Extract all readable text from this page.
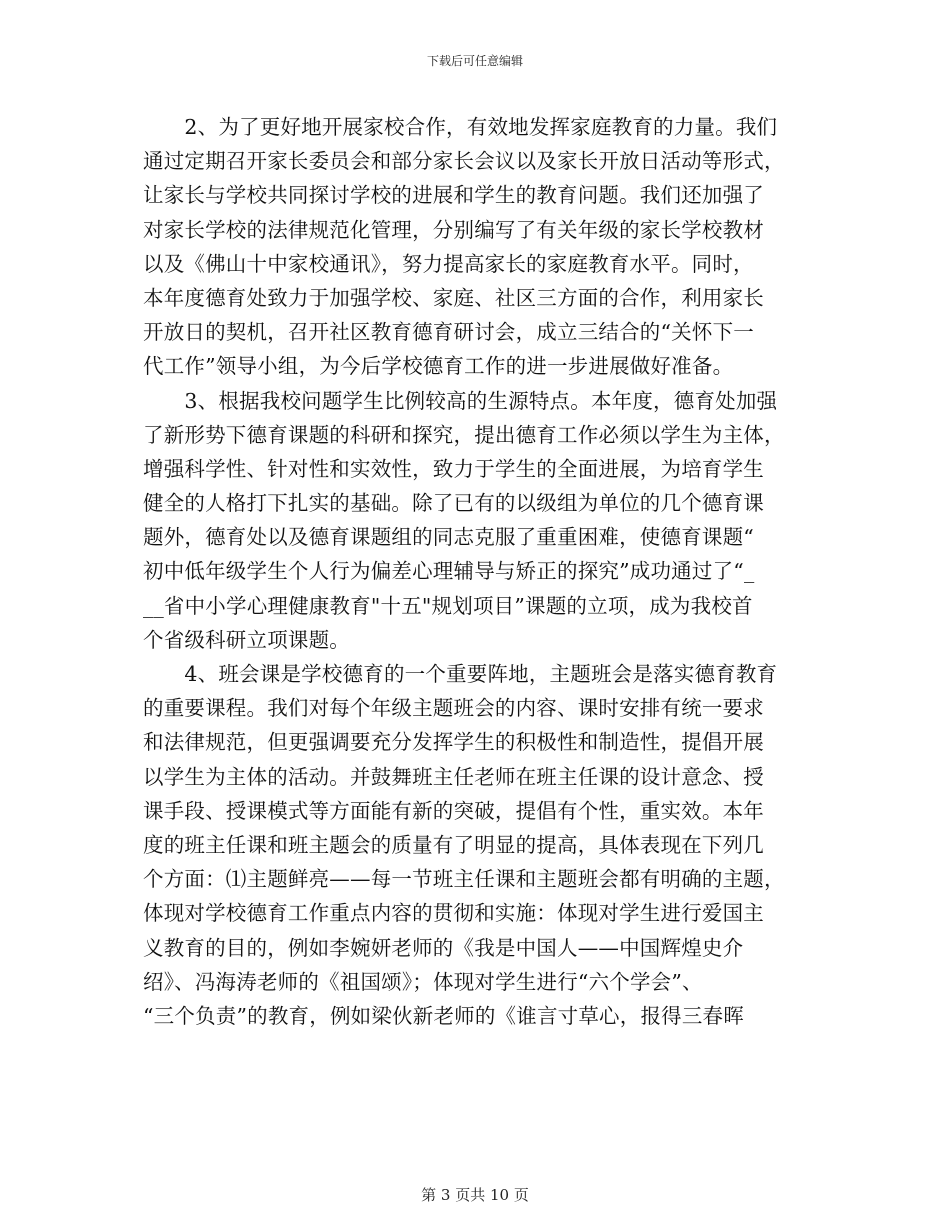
下载后可任意编辑
　　2、为了更好地开展家校合作，有效地发挥家庭教育的力量。我们
通过定期召开家长委员会和部分家长会议以及家长开放日活动等形式，
让家长与学校共同探讨学校的进展和学生的教育问题。我们还加强了
对家长学校的法律规范化管理，分别编写了有关年级的家长学校教材
以及《佛山十中家校通讯》，努力提高家长的家庭教育水平。同时，
本年度德育处致力于加强学校、家庭、社区三方面的合作，利用家长
开放日的契机，召开社区教育德育研讨会，成立三结合的“关怀下一
代工作”领导小组，为今后学校德育工作的进一步进展做好准备。
　　3、根据我校问题学生比例较高的生源特点。本年度，德育处加强
了新形势下德育课题的科研和探究，提出德育工作必须以学生为主体，
增强科学性、针对性和实效性，致力于学生的全面进展，为培育学生
健全的人格打下扎实的基础。除了已有的以级组为单位的几个德育课
题外，德育处以及德育课题组的同志克服了重重困难，使德育课题“
初中低年级学生个人行为偏差心理辅导与矫正的探究”成功通过了“_
__省中小学心理健康教育"十五"规划项目”课题的立项，成为我校首
个省级科研立项课题。
　　4、班会课是学校德育的一个重要阵地，主题班会是落实德育教育
的重要课程。我们对每个年级主题班会的内容、课时安排有统一要求
和法律规范，但更强调要充分发挥学生的积极性和制造性，提倡开展
以学生为主体的活动。并鼓舞班主任老师在班主任课的设计意念、授
课手段、授课模式等方面能有新的突破，提倡有个性，重实效。本年
度的班主任课和班主题会的质量有了明显的提高，具体表现在下列几
个方面：⑴主题鲜亮——每一节班主任课和主题班会都有明确的主题，
体现对学校德育工作重点内容的贯彻和实施：体现对学生进行爱国主
义教育的目的，例如李婉妍老师的《我是中国人——中国辉煌史介
绍》、冯海涛老师的《祖国颂》；体现对学生进行“六个学会”、
“三个负责”的教育，例如梁伙新老师的《谁言寸草心，报得三春晖
第 3 页共 10 页
